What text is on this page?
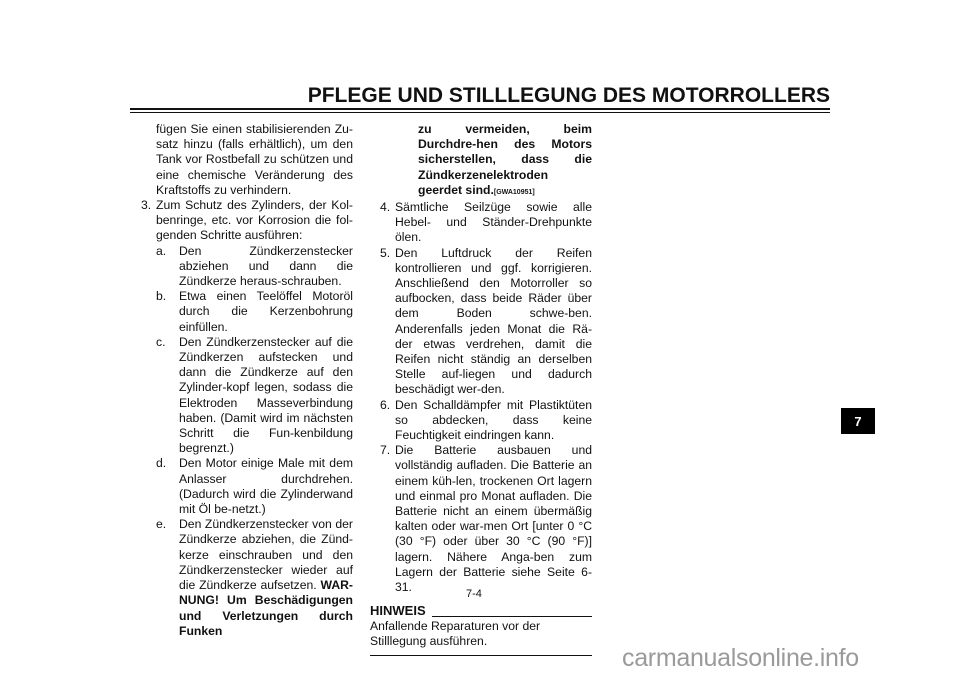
PFLEGE UND STILLLEGUNG DES MOTORROLLERS
fügen Sie einen stabilisierenden Zu-satz hinzu (falls erhältlich), um den Tank vor Rostbefall zu schützen und eine chemische Veränderung des Kraftstoffs zu verhindern.
3. Zum Schutz des Zylinders, der Kol-benringe, etc. vor Korrosion die fol-genden Schritte ausführen:
a. Den Zündkerzenstecker abziehen und dann die Zündkerze heraus-schrauben.
b. Etwa einen Teelöffel Motoröl durch die Kerzenbohrung einfüllen.
c. Den Zündkerzenstecker auf die Zündkerzen aufstecken und dann die Zündkerze auf den Zylinder-kopf legen, sodass die Elektroden Masseverbindung haben. (Damit wird im nächsten Schritt die Fun-kenbildung begrenzt.)
d. Den Motor einige Male mit dem Anlasser durchdrehen. (Dadurch wird die Zylinderwand mit Öl be-netzt.)
e. Den Zündkerzenstecker von der Zündkerze abziehen, die Zünd-kerze einschrauben und den Zündkerzenstecker wieder auf die Zündkerze aufsetzen. WAR-NUNG! Um Beschädigungen und Verletzungen durch Funken
zu vermeiden, beim Durchdre-hen des Motors sicherstellen, dass die Zündkerzenelektroden geerdet sind.[GWA10951]
4. Sämtliche Seilzüge sowie alle Hebel- und Ständer-Drehpunkte ölen.
5. Den Luftdruck der Reifen kontrollieren und ggf. korrigieren. Anschließend den Motorroller so aufbocken, dass beide Räder über dem Boden schwe-ben. Anderenfalls jeden Monat die Rä-der etwas verdrehen, damit die Reifen nicht ständig an derselben Stelle auf-liegen und dadurch beschädigt wer-den.
6. Den Schalldämpfer mit Plastiktüten so abdecken, dass keine Feuchtigkeit eindringen kann.
7. Die Batterie ausbauen und vollständig aufladen. Die Batterie an einem küh-len, trockenen Ort lagern und einmal pro Monat aufladen. Die Batterie nicht an einem übermäßig kalten oder war-men Ort [unter 0 °C (30 °F) oder über 30 °C (90 °F)] lagern. Nähere Anga-ben zum Lagern der Batterie siehe Seite 6-31.
HINWEIS
Anfallende Reparaturen vor der Stilllegung ausführen.
7-4
7
carmanualsonline.info
